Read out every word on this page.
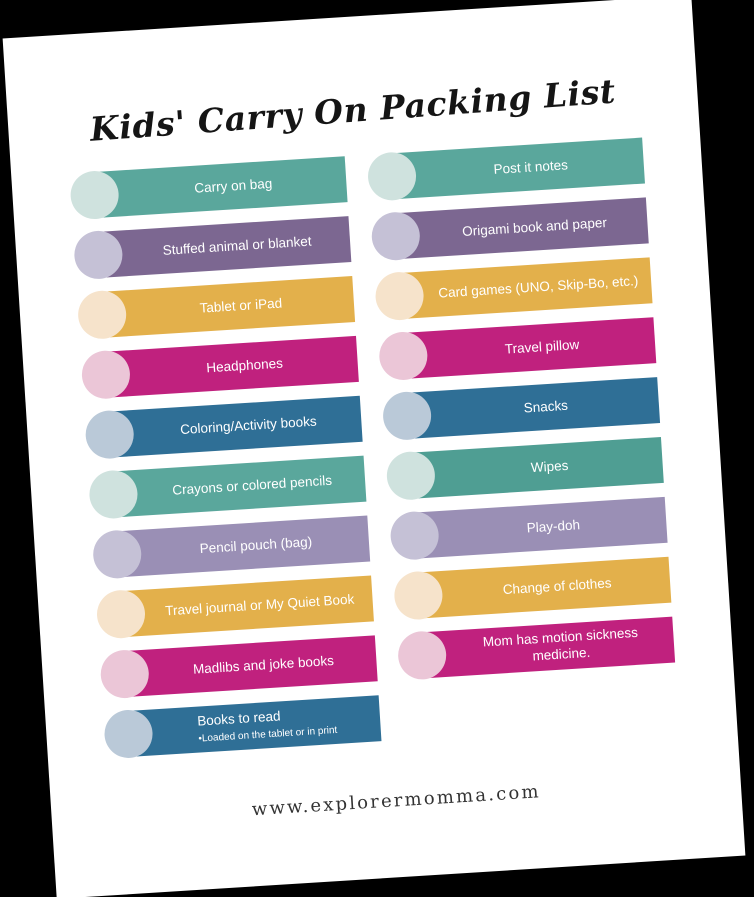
Kids' Carry On Packing List
Carry on bag
Stuffed animal or blanket
Tablet or iPad
Headphones
Coloring/Activity books
Crayons or colored pencils
Pencil pouch (bag)
Travel journal or My Quiet Book
Madlibs and joke books
Books to read
•Loaded on the tablet or in print
Post it notes
Origami book and paper
Card games (UNO, Skip-Bo, etc.)
Travel pillow
Snacks
Wipes
Play-doh
Change of clothes
Mom has motion sickness medicine.
www.explorermomma.com
